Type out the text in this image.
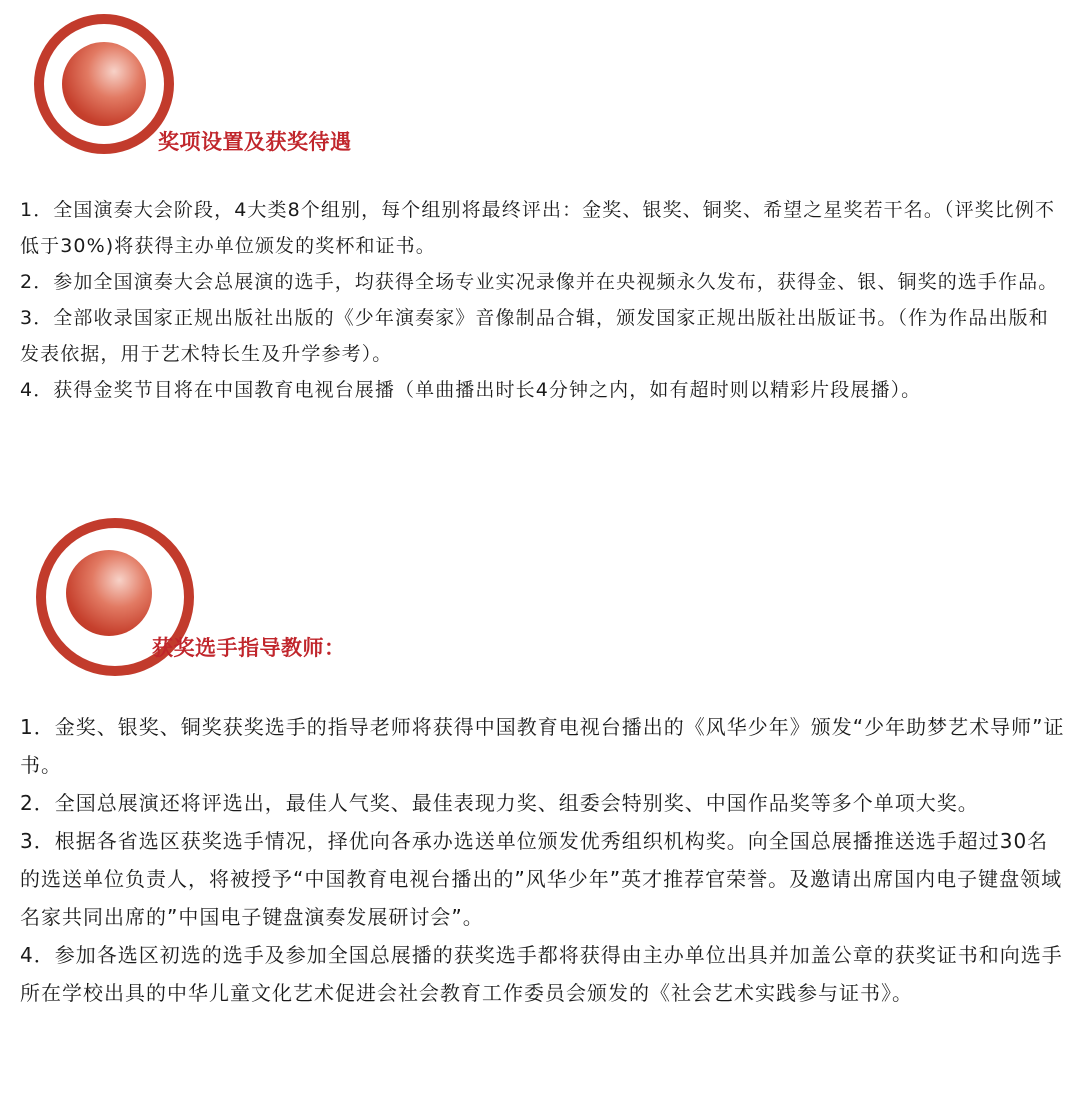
奖项设置及获奖待遇

1．全国演奏大会阶段，4大类8个组别，每个组别将最终评出：金奖、银奖、铜奖、希望之星奖若干名。（评奖比例不低于30%)将获得主办单位颁发的奖杯和证书。

2．参加全国演奏大会总展演的选手，均获得全场专业实况录像并在央视频永久发布，获得金、银、铜奖的选手作品。

3．全部收录国家正规出版社出版的《少年演奏家》音像制品合辑，颁发国家正规出版社出版证书。（作为作品出版和发表依据，用于艺术特长生及升学参考）。

4．获得金奖节目将在中国教育电视台展播（单曲播出时长4分钟之内，如有超时则以精彩片段展播）。

获奖选手指导教师：

1．金奖、银奖、铜奖获奖选手的指导老师将获得中国教育电视台播出的《风华少年》颁发“少年助梦艺术导师”证书。

2．全国总展演还将评选出，最佳人气奖、最佳表现力奖、组委会特别奖、中国作品奖等多个单项大奖。

3．根据各省选区获奖选手情况，择优向各承办选送单位颁发优秀组织机构奖。向全国总展播推送选手超过30名的选送单位负责人，将被授予“中国教育电视台播出的”风华少年”英才推荐官荣誉。及邀请出席国内电子键盘领域名家共同出席的”中国电子键盘演奏发展研讨会”。

4．参加各选区初选的选手及参加全国总展播的获奖选手都将获得由主办单位出具并加盖公章的获奖证书和向选手所在学校出具的中华儿童文化艺术促进会社会教育工作委员会颁发的《社会艺术实践参与证书》。
